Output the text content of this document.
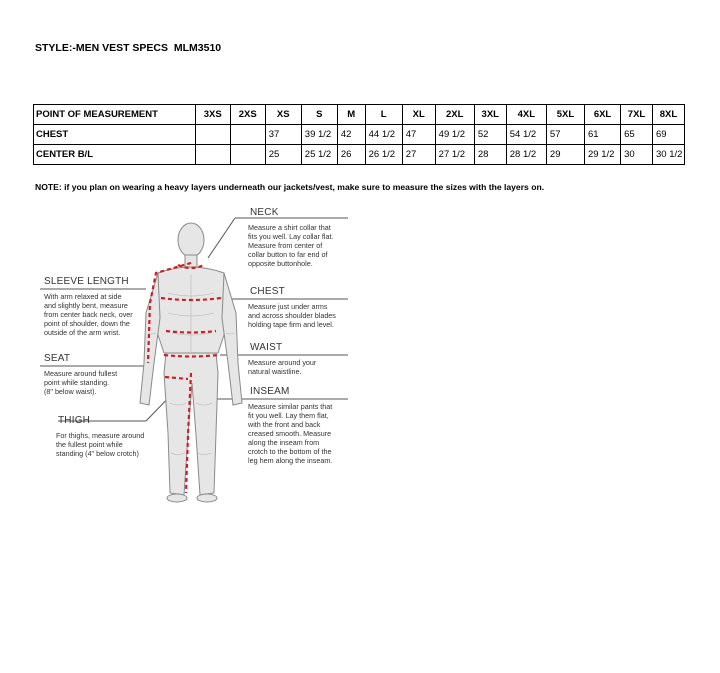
STYLE:-MEN VEST SPECS  MLM3510
POINT OF MEASUREMENT	3XS	2XS	XS	S	M	L	XL	2XL	3XL	4XL	5XL	6XL	7XL	8XL
CHEST			37	39 1/2	42	44 1/2	47	49 1/2	52	54 1/2	57	61	65	69
CENTER B/L			25	25 1/2	26	26 1/2	27	27 1/2	28	28 1/2	29	29 1/2	30	30 1/2
NOTE: if you plan on wearing a heavy layers underneath our jackets/vest, make sure to measure the sizes with the layers on.
NECK
Measure a shirt collar that
fits you well. Lay collar flat.
Measure from center of
collar button to far end of
opposite buttonhole.
CHEST
Measure just under arms
and across shoulder blades
holding tape firm and level.
WAIST
Measure around your
natural waistline.
INSEAM
Measure similar pants that
fit you well. Lay them flat,
with the front and back
creased smooth. Measure
along the inseam from
crotch to the bottom of the
leg hem along the inseam.
SLEEVE LENGTH
With arm relaxed at side
and slightly bent, measure
from center back neck, over
point of shoulder, down the
outside of the arm wrist.
SEAT
Measure around fullest
point while standing.
(8" below waist).
THIGH
For thighs, measure around
the fullest point while
standing (4" below crotch)
